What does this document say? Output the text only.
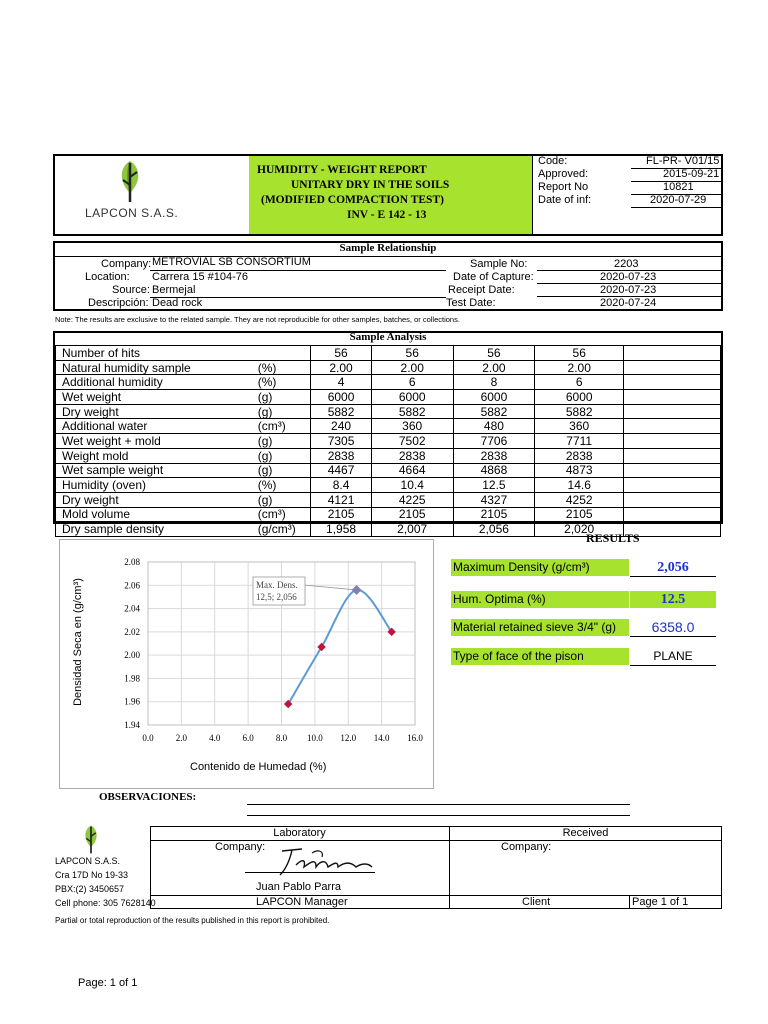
LAPCON S.A.S.
HUMIDITY - WEIGHT REPORT
UNITARY DRY IN THE SOILS
(MODIFIED COMPACTION TEST)
INV - E 142 - 13
Code:	FL-PR- V01/15
Approved:	2015-09-21
Report No	10821
Date of inf:	2020-07-29
Sample Relationship
Company: METROVIAL SB CONSORTIUM
Location: Carrera 15 #104-76
Source: Bermejal
Descripción: Dead rock
Sample No:	2203
Date of Capture:	2020-07-23
Receipt Date:	2020-07-23
Test Date:	2020-07-24
Note: The results are exclusive to the related sample. They are not reproducible for other samples, batches, or collections.
Sample Analysis
Number of hits		56	56	56	56	
Natural humidity sample	(%)	2.00	2.00	2.00	2.00	
Additional humidity	(%)	4	6	8	6	
Wet weight	(g)	6000	6000	6000	6000	
Dry weight	(g)	5882	5882	5882	5882	
Additional water	(cm³)	240	360	480	360	
Wet weight + mold	(g)	7305	7502	7706	7711	
Weight mold	(g)	2838	2838	2838	2838	
Wet sample weight	(g)	4467	4664	4868	4873	
Humidity (oven)	(%)	8.4	10.4	12.5	14.6	
Dry weight	(g)	4121	4225	4327	4252	
Mold volume	(cm³)	2105	2105	2105	2105	
Dry sample density	(g/cm³)	1,958	2,007	2,056	2,020	
0.0 2.0 4.0 6.0 8.0 10.0 12.0 14.0 16.0
1.94
1.96
1.98
2.00
2.02
2.04
2.06
2.08
Max. Dens.
12,5; 2,056
Contenido de Humedad (%)
Densidad Seca en (g/cm³)
RESULTS
Maximum Density (g/cm³)	2,056
Hum. Optima (%)	12.5
Material retained sieve 3/4" (g)	6358.0
Type of face of the pison	PLANE
OBSERVACIONES:
LAPCON S.A.S.
Cra 17D No 19-33
PBX:(2) 3450657
Cell phone: 305 7628140
Laboratory	Received
Company:	Company:
Juan Pablo Parra
LAPCON Manager	Client	Page 1 of 1
Partial or total reproduction of the results published in this report is prohibited.
Page: 1 of 1
